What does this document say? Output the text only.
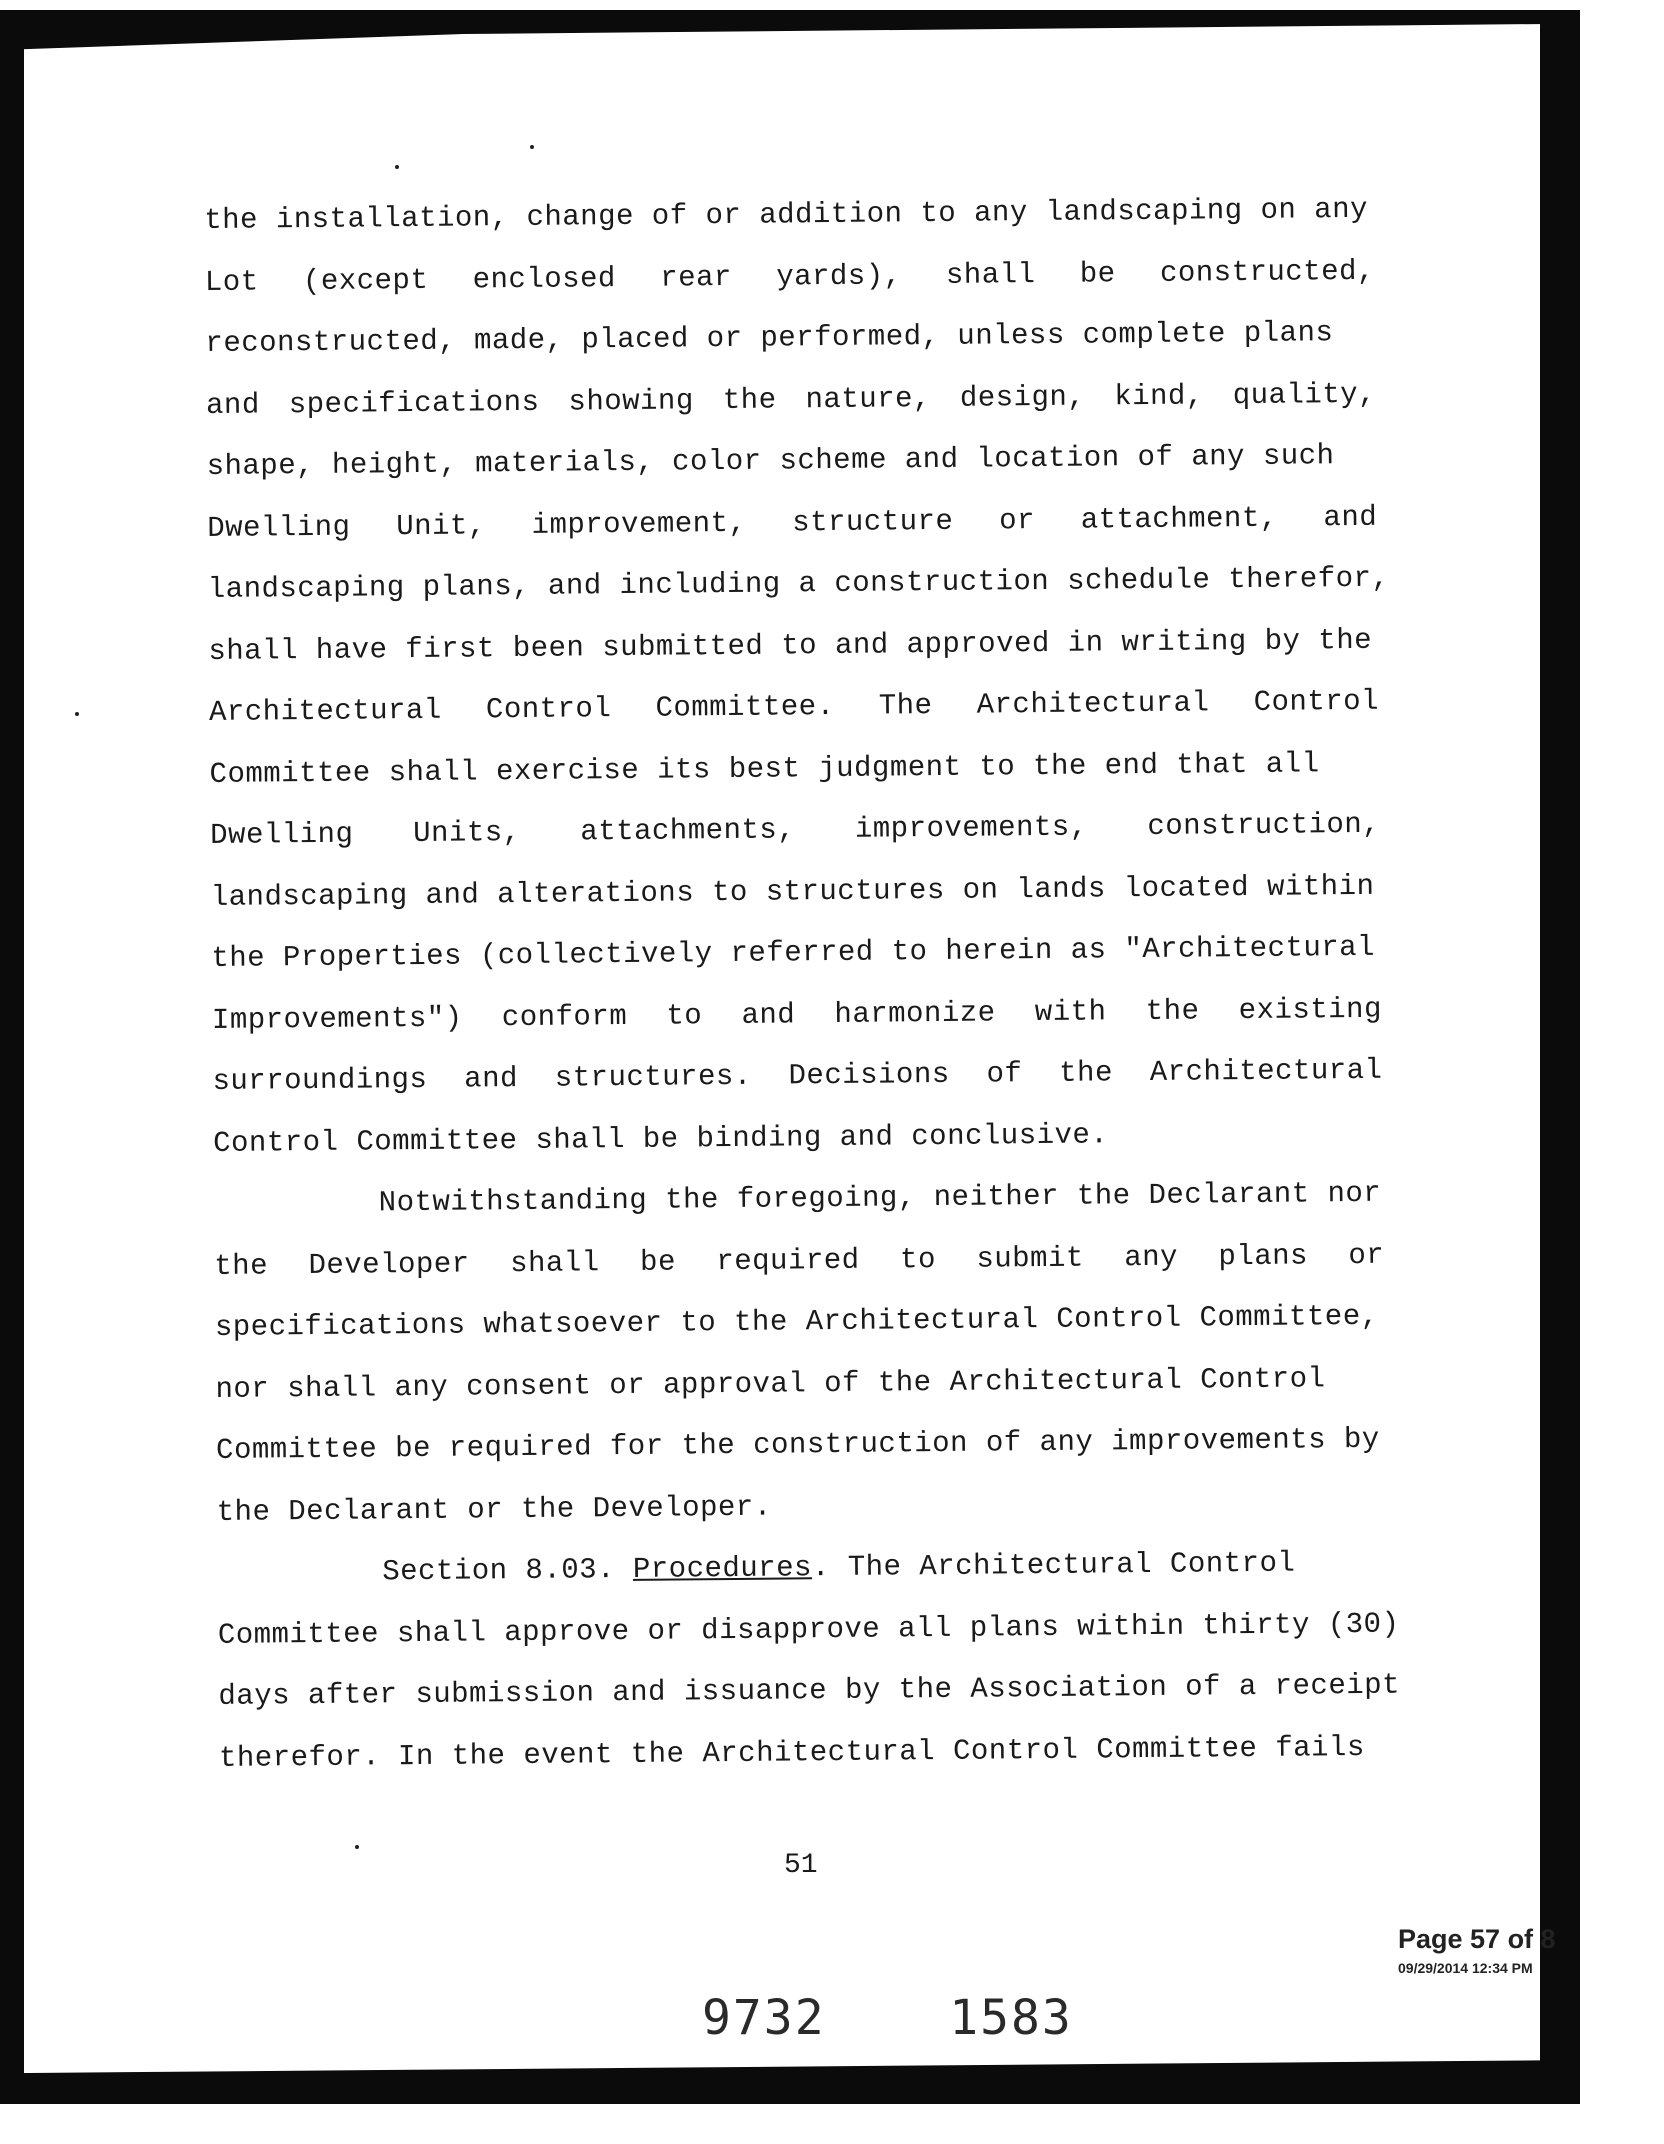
the installation, change of or addition to any landscaping on any
Lot (except enclosed rear yards), shall be constructed,
reconstructed, made, placed or performed, unless complete plans
and specifications showing the nature, design, kind, quality,
shape, height, materials, color scheme and location of any such
Dwelling Unit, improvement, structure or attachment, and
landscaping plans, and including a construction schedule therefor,
shall have first been submitted to and approved in writing by the
Architectural Control Committee. The Architectural Control
Committee shall exercise its best judgment to the end that all
Dwelling Units, attachments, improvements, construction,
landscaping and alterations to structures on lands located within
the Properties (collectively referred to herein as "Architectural
Improvements") conform to and harmonize with the existing
surroundings and structures. Decisions of the Architectural
Control Committee shall be binding and conclusive.
Notwithstanding the foregoing, neither the Declarant nor
the Developer shall be required to submit any plans or
specifications whatsoever to the Architectural Control Committee,
nor shall any consent or approval of the Architectural Control
Committee be required for the construction of any improvements by
the Declarant or the Developer.
Section 8.03. Procedures. The Architectural Control
Committee shall approve or disapprove all plans within thirty (30)
days after submission and issuance by the Association of a receipt
therefor. In the event the Architectural Control Committee fails
51
Page 57 of 8
09/29/2014 12:34 PM
9732	1583
